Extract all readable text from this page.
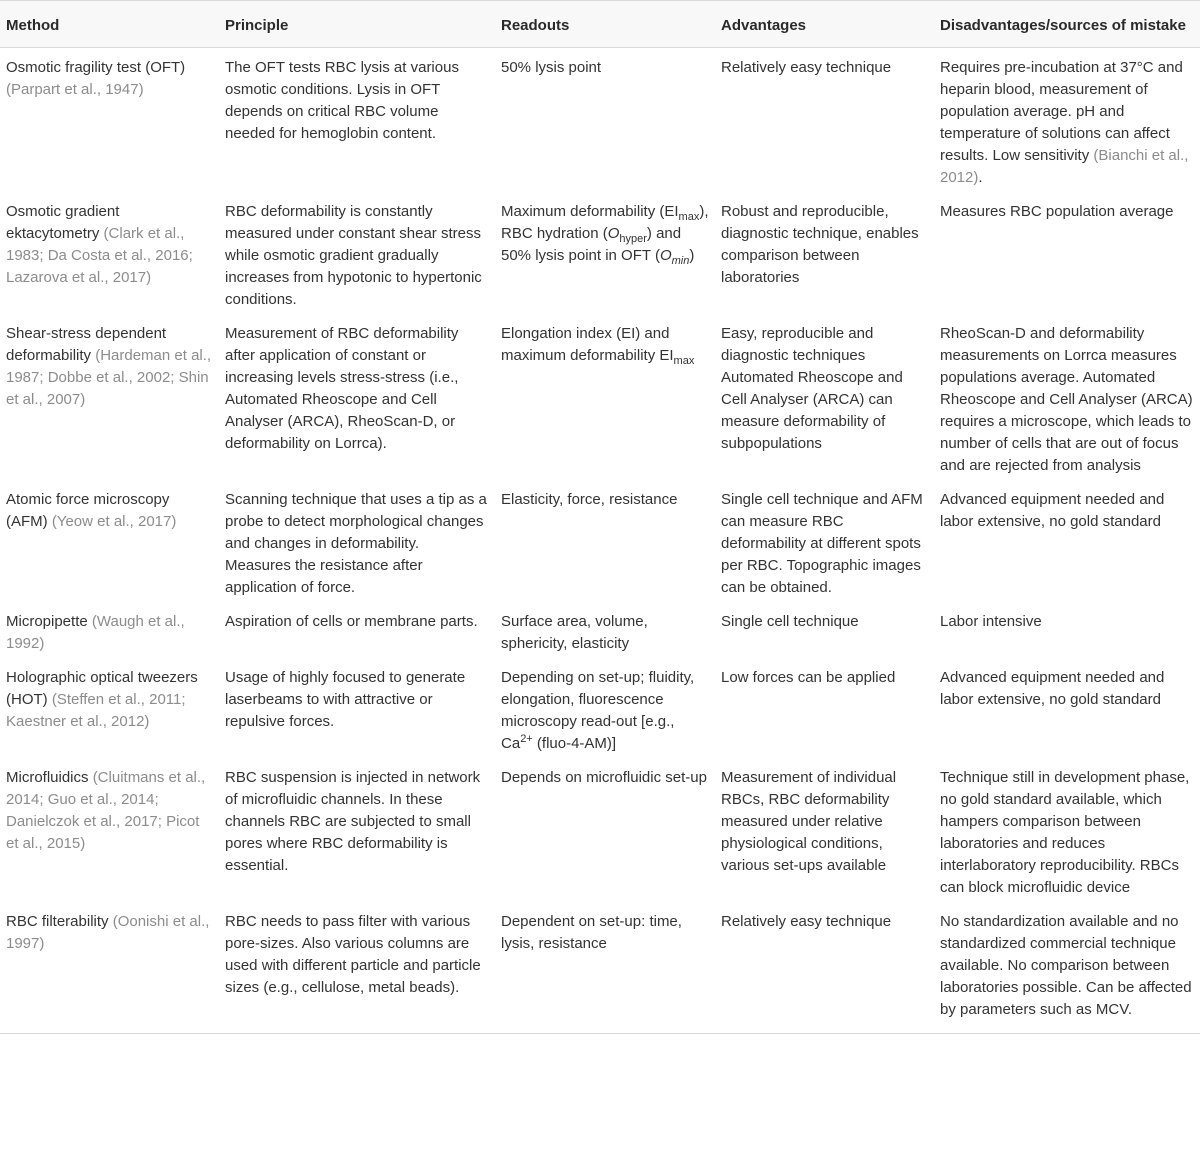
Method	Principle	Readouts	Advantages	Disadvantages/sources of mistake
Osmotic fragility test (OFT) (Parpart et al., 1947)	The OFT tests RBC lysis at various osmotic conditions. Lysis in OFT depends on critical RBC volume needed for hemoglobin content.	50% lysis point	Relatively easy technique	Requires pre-incubation at 37°C and heparin blood, measurement of population average. pH and temperature of solutions can affect results. Low sensitivity (Bianchi et al., 2012).
Osmotic gradient ektacytometry (Clark et al., 1983; Da Costa et al., 2016; Lazarova et al., 2017)	RBC deformability is constantly measured under constant shear stress while osmotic gradient gradually increases from hypotonic to hypertonic conditions.	Maximum deformability $(EI_{max})$, RBC hydration $(O_{hyper})$ and 50% lysis point in OFT $(O_{min})$	Robust and reproducible, diagnostic technique, enables comparison between laboratories	Measures RBC population average
Shear-stress dependent deformability (Hardeman et al., 1987; Dobbe et al., 2002; Shin et al., 2007)	Measurement of RBC deformability after application of constant or increasing levels stress-stress (i.e., Automated Rheoscope and Cell Analyser (ARCA), RheoScan-D, or deformability on Lorrca).	Elongation index (EI) and maximum deformability $EI_{max}$	Easy, reproducible and diagnostic techniques Automated Rheoscope and Cell Analyser (ARCA) can measure deformability of subpopulations	RheoScan-D and deformability measurements on Lorrca measures populations average. Automated Rheoscope and Cell Analyser (ARCA) requires a microscope, which leads to number of cells that are out of focus and are rejected from analysis
Atomic force microscopy (AFM) (Yeow et al., 2017)	Scanning technique that uses a tip as a probe to detect morphological changes and changes in deformability. Measures the resistance after application of force.	Elasticity, force, resistance	Single cell technique and AFM can measure RBC deformability at different spots per RBC. Topographic images can be obtained.	Advanced equipment needed and labor extensive, no gold standard
Micropipette (Waugh et al., 1992)	Aspiration of cells or membrane parts.	Surface area, volume, sphericity, elasticity	Single cell technique	Labor intensive
Holographic optical tweezers (HOT) (Steffen et al., 2011; Kaestner et al., 2012)	Usage of highly focused to generate laserbeams to with attractive or repulsive forces.	Depending on set-up; fluidity, elongation, fluorescence microscopy read-out [e.g., $Ca^{2+}$ (fluo-4-AM)]	Low forces can be applied	Advanced equipment needed and labor extensive, no gold standard
Microfluidics (Cluitmans et al., 2014; Guo et al., 2014; Danielczok et al., 2017; Picot et al., 2015)	RBC suspension is injected in network of microfluidic channels. In these channels RBC are subjected to small pores where RBC deformability is essential.	Depends on microfluidic set-up	Measurement of individual RBCs, RBC deformability measured under relative physiological conditions, various set-ups available	Technique still in development phase, no gold standard available, which hampers comparison between laboratories and reduces interlaboratory reproducibility. RBCs can block microfluidic device
RBC filterability (Oonishi et al., 1997)	RBC needs to pass filter with various pore-sizes. Also various columns are used with different particle and particle sizes (e.g., cellulose, metal beads).	Dependent on set-up: time, lysis, resistance	Relatively easy technique	No standardization available and no standardized commercial technique available. No comparison between laboratories possible. Can be affected by parameters such as MCV.
